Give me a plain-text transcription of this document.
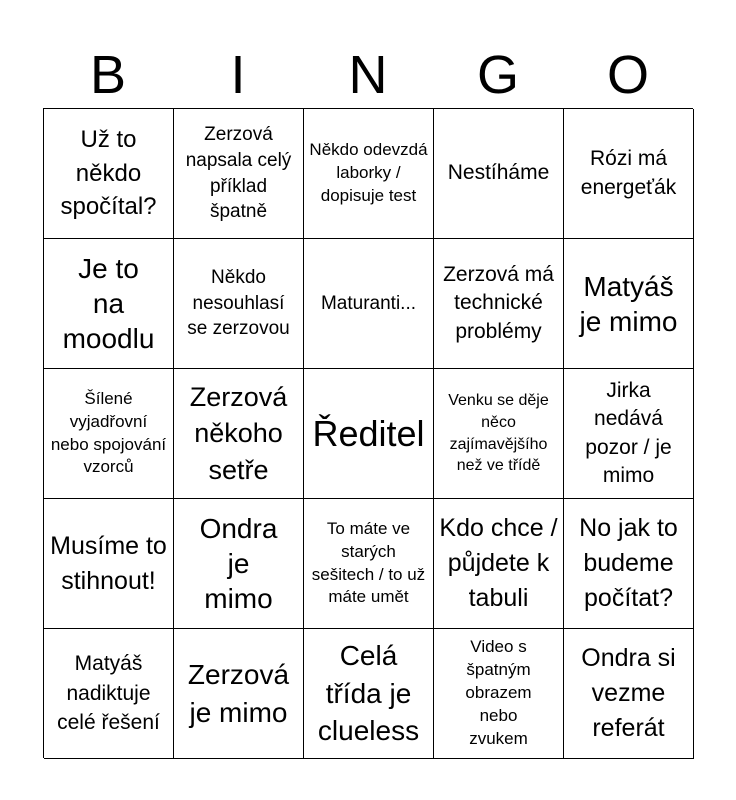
B	I	N	G	O
Už to někdo spočítal?
Zerzová napsala celý příklad špatně
Někdo odevzdá laborky / dopisuje test
Nestíháme
Rózi má energeťák
Je to na moodlu
Někdo nesouhlasí se zerzovou
Maturanti...
Zerzová má technické problémy
Matyáš je mimo
Šílené vyjadřovní nebo spojování vzorců
Zerzová někoho setře
Ředitel
Venku se děje něco zajímavějšího než ve třídě
Jirka nedává pozor / je mimo
Musíme to stihnout!
Ondra je mimo
To máte ve starých sešitech / to už máte umět
Kdo chce / půjdete k tabuli
No jak to budeme počítat?
Matyáš nadiktuje celé řešení
Zerzová je mimo
Celá třída je clueless
Video s špatným obrazem nebo zvukem
Ondra si vezme referát
